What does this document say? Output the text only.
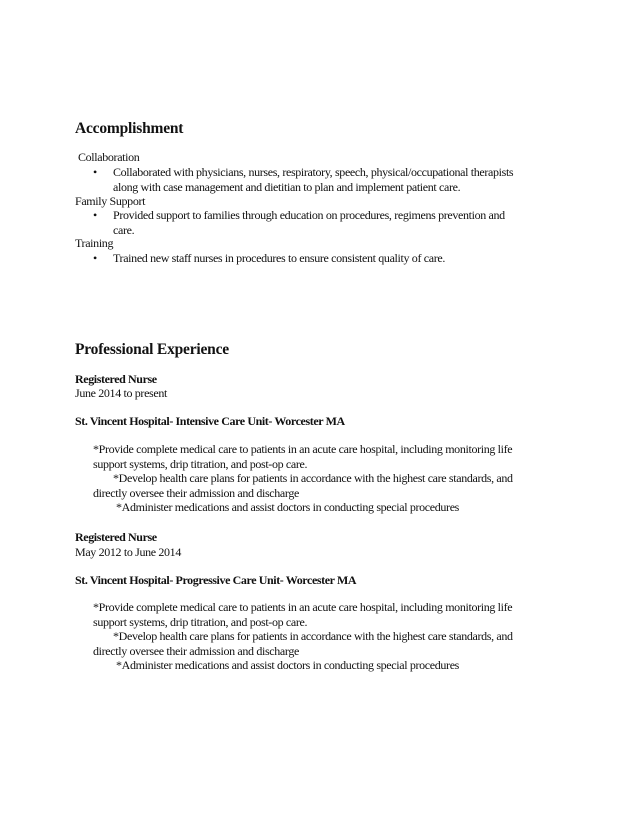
Accomplishment
Collaboration
• Collaborated with physicians, nurses, respiratory, speech, physical/occupational therapists
along with case management and dietitian to plan and implement patient care.
Family Support
• Provided support to families through education on procedures, regimens prevention and
care.
Training
• Trained new staff nurses in procedures to ensure consistent quality of care.
Professional Experience
Registered Nurse
June 2014 to present
St. Vincent Hospital- Intensive Care Unit- Worcester MA
*Provide complete medical care to patients in an acute care hospital, including monitoring life
support systems, drip titration, and post-op care.
*Develop health care plans for patients in accordance with the highest care standards, and
directly oversee their admission and discharge
*Administer medications and assist doctors in conducting special procedures
Registered Nurse
May 2012 to June 2014
St. Vincent Hospital- Progressive Care Unit- Worcester MA
*Provide complete medical care to patients in an acute care hospital, including monitoring life
support systems, drip titration, and post-op care.
*Develop health care plans for patients in accordance with the highest care standards, and
directly oversee their admission and discharge
*Administer medications and assist doctors in conducting special procedures
